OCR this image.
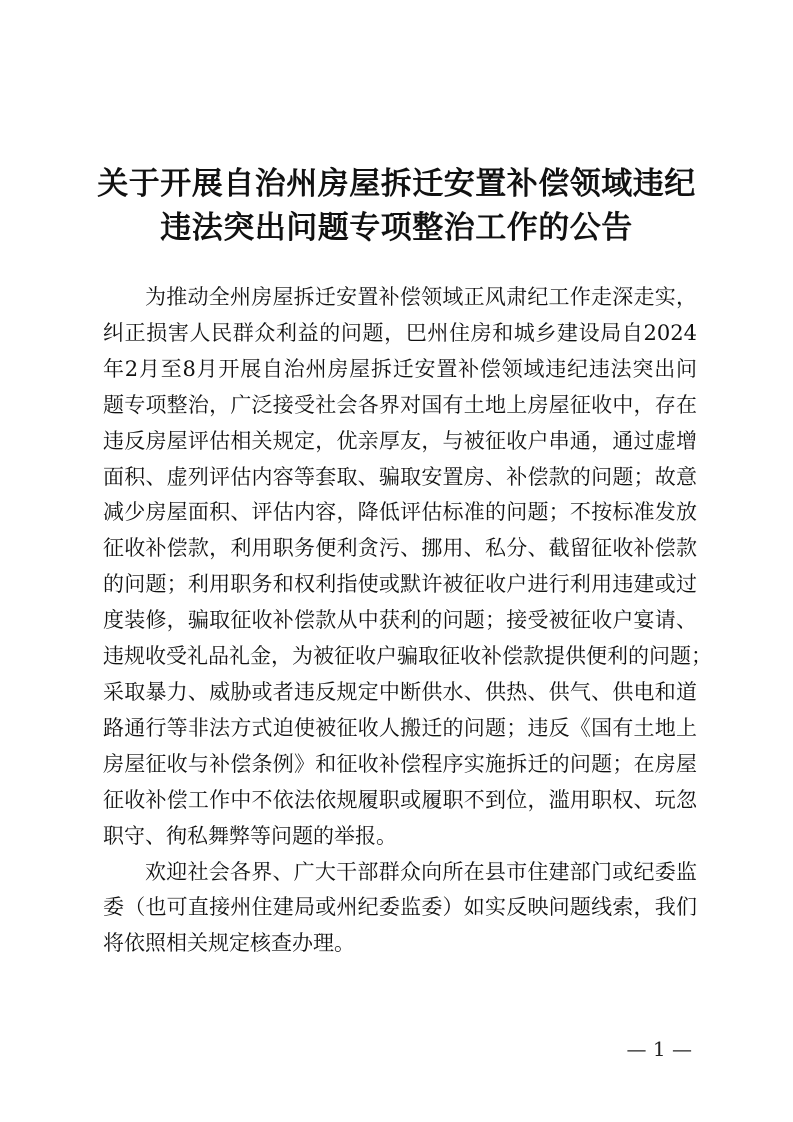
关于开展自治州房屋拆迁安置补偿领域违纪
违法突出问题专项整治工作的公告
为推动全州房屋拆迁安置补偿领域正风肃纪工作走深走实，
纠正损害人民群众利益的问题，巴州住房和城乡建设局自2024
年2月至8月开展自治州房屋拆迁安置补偿领域违纪违法突出问
题专项整治，广泛接受社会各界对国有土地上房屋征收中，存在
违反房屋评估相关规定，优亲厚友，与被征收户串通，通过虚增
面积、虚列评估内容等套取、骗取安置房、补偿款的问题；故意
减少房屋面积、评估内容，降低评估标准的问题；不按标准发放
征收补偿款，利用职务便利贪污、挪用、私分、截留征收补偿款
的问题；利用职务和权利指使或默许被征收户进行利用违建或过
度装修，骗取征收补偿款从中获利的问题；接受被征收户宴请、
违规收受礼品礼金，为被征收户骗取征收补偿款提供便利的问题；
采取暴力、威胁或者违反规定中断供水、供热、供气、供电和道
路通行等非法方式迫使被征收人搬迁的问题；违反《国有土地上
房屋征收与补偿条例》和征收补偿程序实施拆迁的问题；在房屋
征收补偿工作中不依法依规履职或履职不到位，滥用职权、玩忽
职守、徇私舞弊等问题的举报。
欢迎社会各界、广大干部群众向所在县市住建部门或纪委监
委（也可直接州住建局或州纪委监委）如实反映问题线索，我们
将依照相关规定核查办理。
— 1 —
